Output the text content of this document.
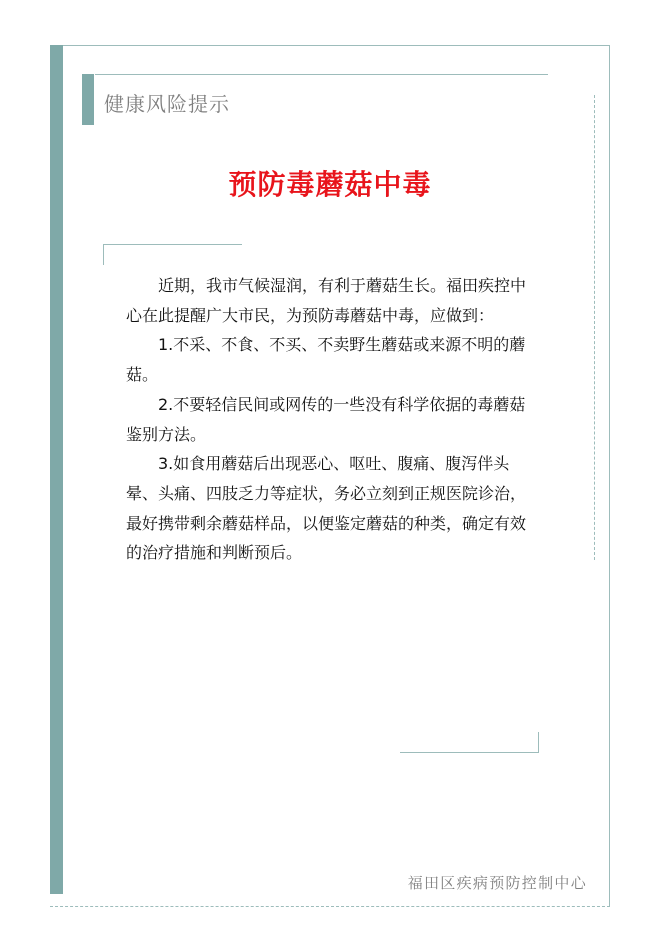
健康风险提示
预防毒蘑菇中毒

近期，我市气候湿润，有利于蘑菇生长。福田疾控中心在此提醒广大市民，为预防毒蘑菇中毒，应做到：

1.不采、不食、不买、不卖野生蘑菇或来源不明的蘑菇。

2.不要轻信民间或网传的一些没有科学依据的毒蘑菇鉴别方法。

3.如食用蘑菇后出现恶心、呕吐、腹痛、腹泻伴头晕、头痛、四肢乏力等症状，务必立刻到正规医院诊治，最好携带剩余蘑菇样品，以便鉴定蘑菇的种类，确定有效的治疗措施和判断预后。

福田区疾病预防控制中心
